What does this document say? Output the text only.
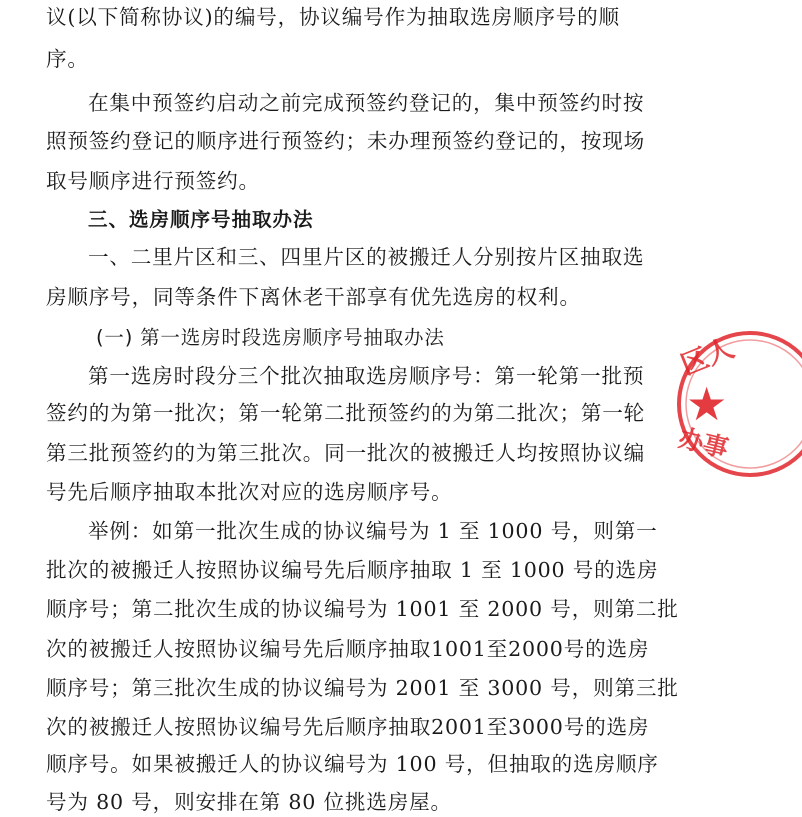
议(以下简称协议)的编号，协议编号作为抽取选房顺序号的顺
序。
在集中预签约启动之前完成预签约登记的，集中预签约时按
照预签约登记的顺序进行预签约；未办理预签约登记的，按现场
取号顺序进行预签约。
三、选房顺序号抽取办法
一、二里片区和三、四里片区的被搬迁人分别按片区抽取选
房顺序号，同等条件下离休老干部享有优先选房的权利。
(一) 第一选房时段选房顺序号抽取办法
第一选房时段分三个批次抽取选房顺序号：第一轮第一批预
签约的为第一批次；第一轮第二批预签约的为第二批次；第一轮
第三批预签约的为第三批次。同一批次的被搬迁人均按照协议编
号先后顺序抽取本批次对应的选房顺序号。
举例：如第一批次生成的协议编号为 1 至 1000 号，则第一
批次的被搬迁人按照协议编号先后顺序抽取 1 至 1000 号的选房
顺序号；第二批次生成的协议编号为 1001 至 2000 号，则第二批
次的被搬迁人按照协议编号先后顺序抽取1001至2000号的选房
顺序号；第三批次生成的协议编号为 2001 至 3000 号，则第三批
次的被搬迁人按照协议编号先后顺序抽取2001至3000号的选房
顺序号。如果被搬迁人的协议编号为 100 号，但抽取的选房顺序
号为 80 号，则安排在第 80 位挑选房屋。
区人
★
办事
